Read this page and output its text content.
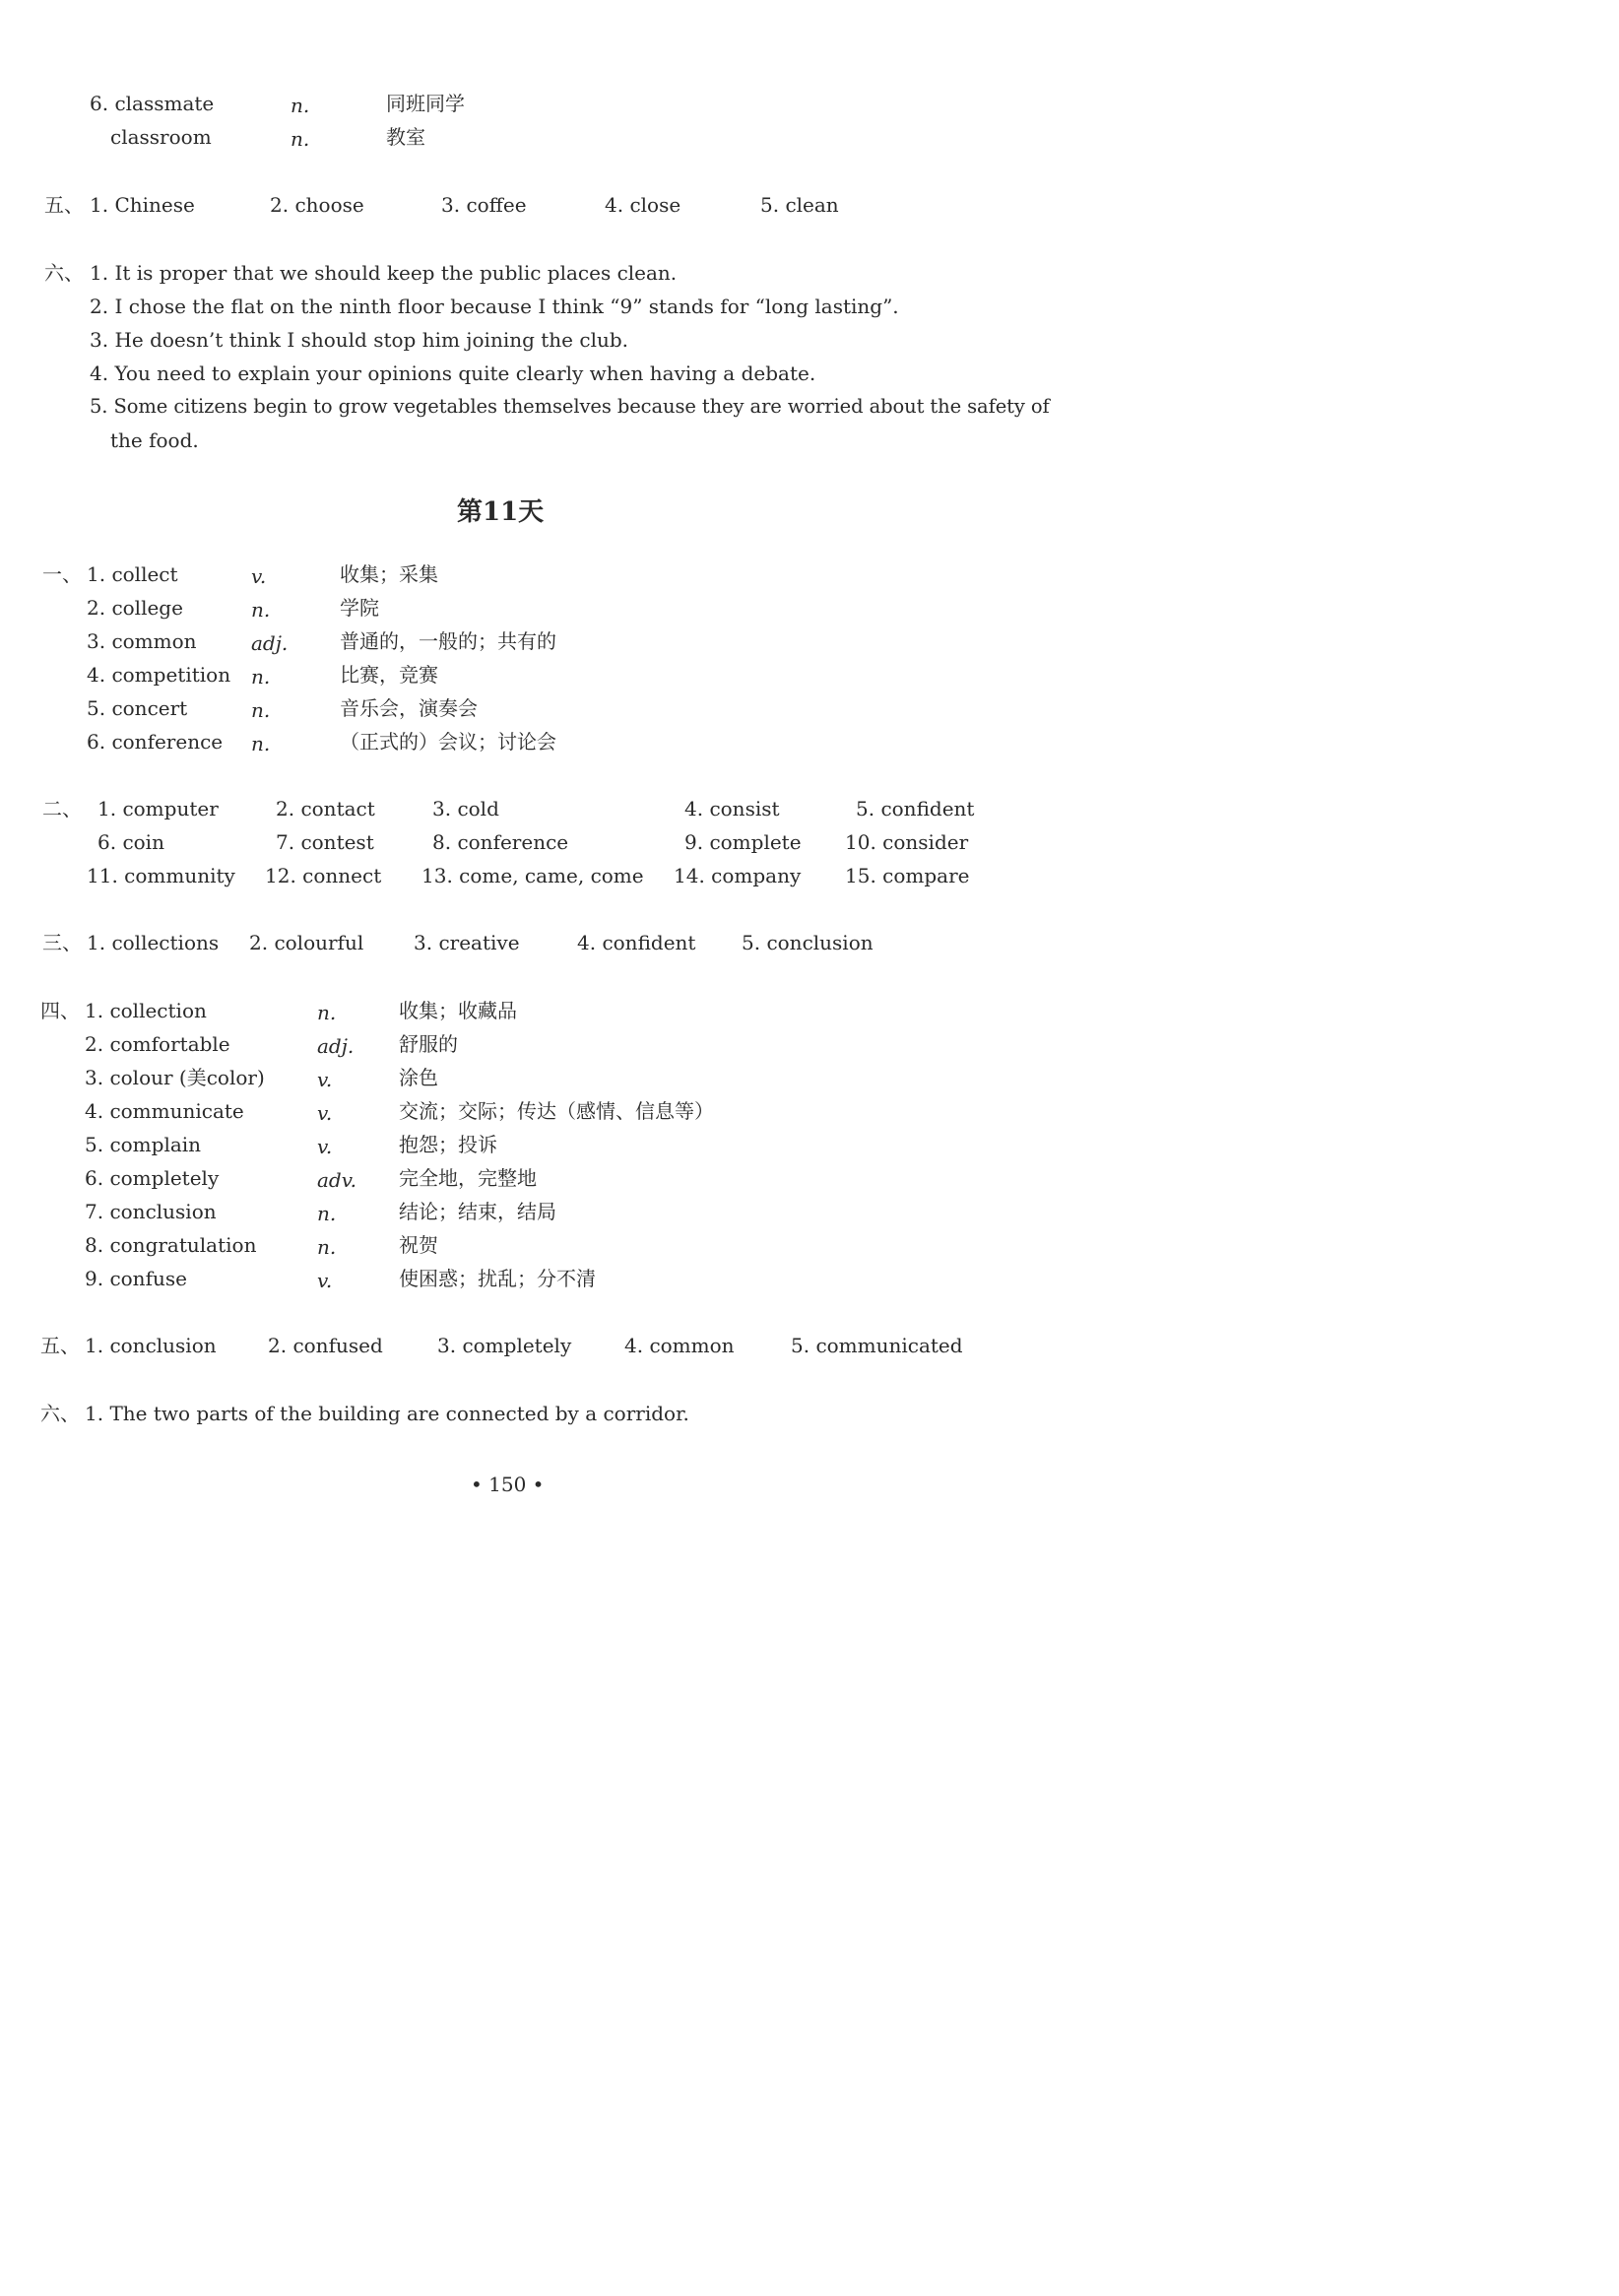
6. classmate	n.	同班同学
classroom	n.	教室
五、 1. Chinese	2. choose	3. coffee	4. close	5. clean
六、 1. It is proper that we should keep the public places clean.
2. I chose the flat on the ninth floor because I think “9” stands for “long lasting”.
3. He doesn’t think I should stop him joining the club.
4. You need to explain your opinions quite clearly when having a debate.
5. Some citizens begin to grow vegetables themselves because they are worried about the safety of
the food.
第11天
一、 1. collect	v.	收集；采集
2. college	n.	学院
3. common	adj.	普通的，一般的；共有的
4. competition n.	比赛，竞赛
5. concert	n.	音乐会，演奏会
6. conference n.	（正式的）会议；讨论会
二、 1. computer	2. contact	3. cold	4. consist	5. confident
6. coin	7. contest	8. conference	9. complete 10. consider
11. community 12. connect 13. come, came, come 14. company 15. compare
三、 1. collections 2. colourful	3. creative	4. confident 5. conclusion
四、 1. collection	n.	收集；收藏品
2. comfortable	adj. 舒服的
3. colour (美color)	v.	涂色
4. communicate	v.	交流；交际；传达（感情、信息等）
5. complain	v.	抱怨；投诉
6. completely	adv. 完全地，完整地
7. conclusion	n.	结论；结束，结局
8. congratulation	n.	祝贺
9. confuse	v.	使困惑；扰乱；分不清
五、 1. conclusion	2. confused	3. completely	4. common	5. communicated
六、 1. The two parts of the building are connected by a corridor.
• 150 •
